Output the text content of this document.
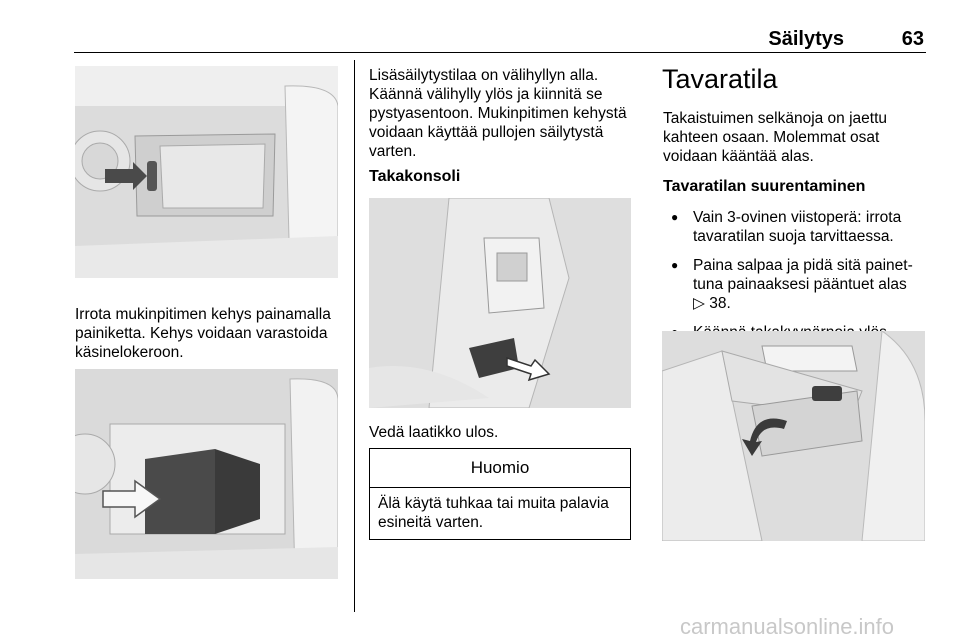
Säilytys	63
Irrota mukinpitimen kehys painamalla painiketta. Kehys voidaan varastoida käsinelokeroon.
Lisäsäilytystilaa on välihyllyn alla. Käännä välihylly ylös ja kiinnitä se pystyasentoon. Mukinpitimen kehystä voidaan käyttää pullojen säilytystä varten.
Takakonsoli
Vedä laatikko ulos.
Huomio
Älä käytä tuhkaa tai muita palavia esineitä varten.
Tavaratila
Takaistuimen selkänoja on jaettu kahteen osaan. Molemmat osat voidaan kääntää alas.
Tavaratilan suurentaminen
● Vain 3-ovinen viistoperä: irrota tavaratilan suoja tarvittaessa.
● Paina salpaa ja pidä sitä painet- tuna painaaksesi pääntuet alas
▷ 38.
●
carmanualsonline.info
